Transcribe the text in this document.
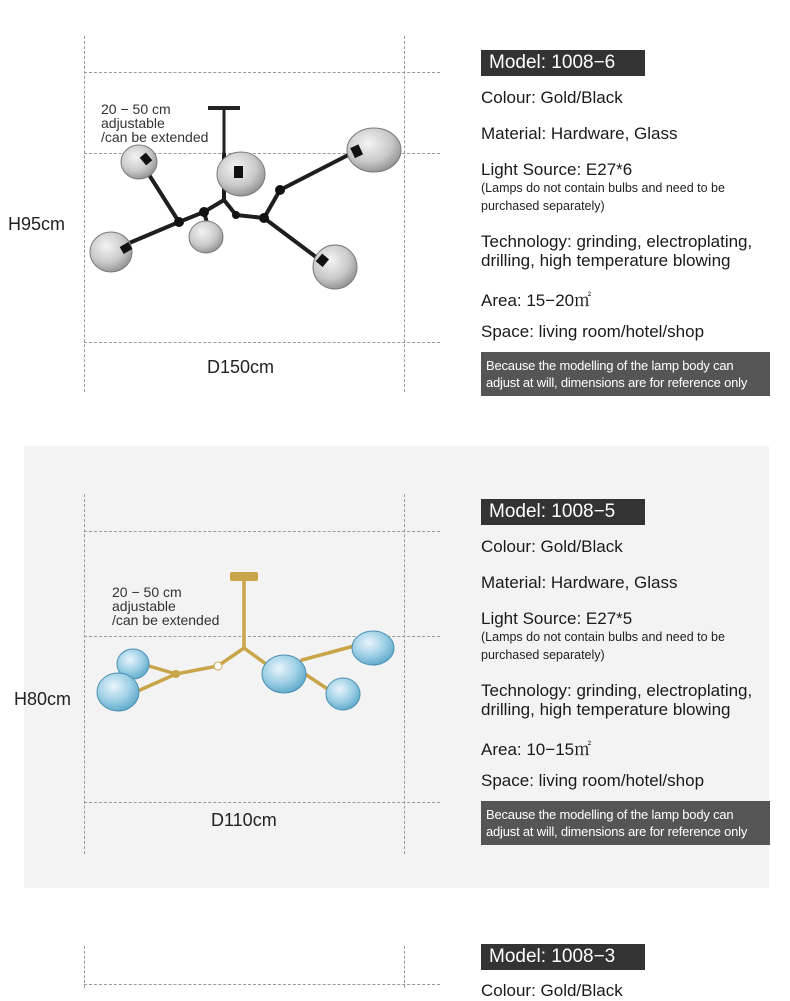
20 − 50 cm
adjustable
/can be extended
H95cm
D150cm
Model: 1008−6
Colour: Gold/Black
Material: Hardware, Glass
Light Source: E27*6
(Lamps do not contain bulbs and need to be
purchased separately)
Technology: grinding, electroplating,
drilling, high temperature blowing
Area: 15−20㎡
Space: living room/hotel/shop
Because the modelling of the lamp body can
adjust at will, dimensions are for reference only
20 − 50 cm
adjustable
/can be extended
H80cm
D110cm
Model: 1008−5
Colour: Gold/Black
Material: Hardware, Glass
Light Source: E27*5
(Lamps do not contain bulbs and need to be
purchased separately)
Technology: grinding, electroplating,
drilling, high temperature blowing
Area: 10−15㎡
Space: living room/hotel/shop
Because the modelling of the lamp body can
adjust at will, dimensions are for reference only
Model: 1008−3
Colour: Gold/Black
